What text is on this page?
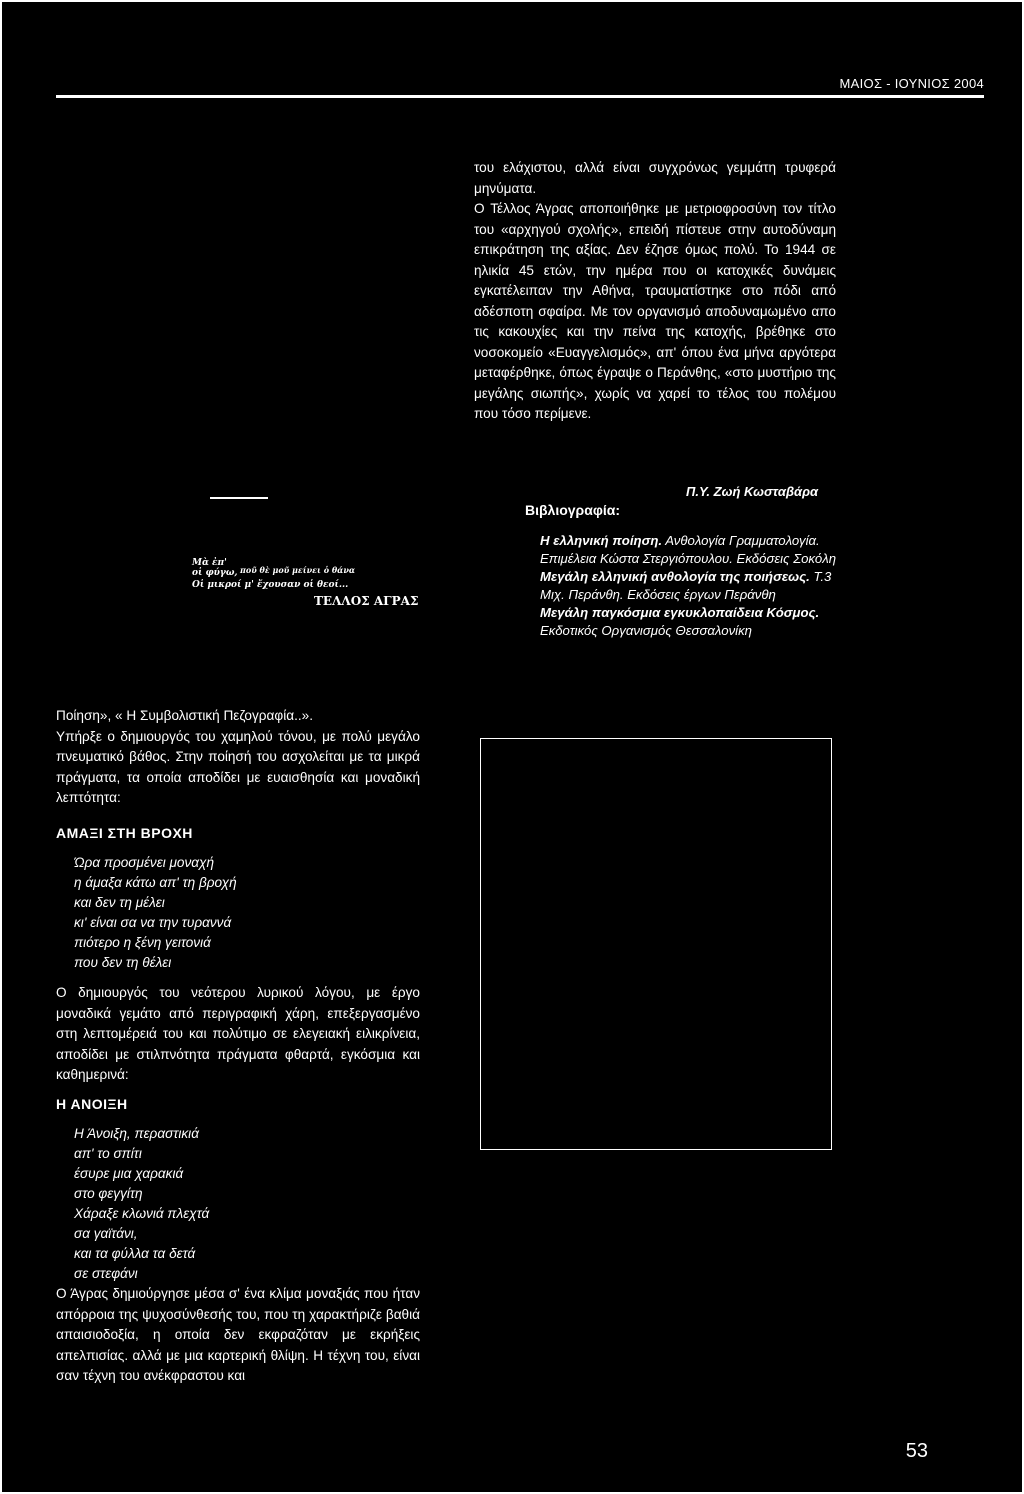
ΜΑΙΟΣ - ΙΟΥΝΙΟΣ 2004

του ελάχιστου, αλλά είναι συγχρόνως γεμμάτη τρυφερά μηνύματα.

Ο Τέλλος Άγρας αποποιήθηκε με μετριοφροσύνη τον τίτλο του «αρχηγού σχολής», επειδή πίστευε στην αυτοδύναμη επικράτηση της αξίας. Δεν έζησε όμως πολύ. Το 1944 σε ηλικία 45 ετών, την ημέρα που οι κατοχικές δυνάμεις εγκατέλειπαν την Αθήνα, τραυματίστηκε στο πόδι από αδέσποτη σφαίρα. Με τον οργανισμό αποδυναμωμένο απο τις κακουχίες και την πείνα της κατοχής, βρέθηκε στο νοσοκομείο «Ευαγγελισμός», απ' όπου ένα μήνα αργότερα μεταφέρθηκε, όπως έγραψε ο Περάνθης, «στο μυστήριο της μεγάλης σιωπής», χωρίς να χαρεί το τέλος του πολέμου που τόσο περίμενε.

Π.Υ. Ζωή Κωσταβάρα
Βιβλιογραφία:

Η ελληνική ποίηση. Ανθολογία Γραμματολογία. Επιμέλεια Κώστα Στεργιόπουλου. Εκδόσεις Σοκόλη

Μεγάλη ελληνική ανθολογία της ποιήσεως. Τ.3 Μιχ. Περάνθη. Εκδόσεις έργων Περάνθη

Μεγάλη παγκόσμια εγκυκλοπαίδεια Κόσμος. Εκδοτικός Οργανισμός Θεσσαλονίκη

Μὰ ἐπ'
οἱ φύγω, ποῦ θὲ μοῦ μείνει ὁ θάνα
Οἱ μικροί μ' ἔχουσαν οἱ θεοί...
ΤΕΛΛΟΣ ΑΓΡΑΣ

Ποίηση», « Η Συμβολιστική Πεζογραφία..».

Υπήρξε ο δημιουργός του χαμηλού τόνου, με πολύ μεγάλο πνευματικό βάθος. Στην ποίησή του ασχολείται με τα μικρά πράγματα, τα οποία αποδίδει με ευαισθησία και μοναδική λεπτότητα:

ΑΜΑΞΙ ΣΤΗ ΒΡΟΧΗ

Ώρα προσμένει μοναχή
η άμαξα κάτω απ' τη βροχή
και δεν τη μέλει
κι' είναι σα να την τυραννά
πιότερο η ξένη γειτονιά
που δεν τη θέλει

Ο δημιουργός του νεότερου λυρικού λόγου, με έργο μοναδικά γεμάτο από περιγραφική χάρη, επεξεργασμένο στη λεπτομέρειά του και πολύτιμο σε ελεγειακή ειλικρίνεια, αποδίδει με στιλπνότητα πράγματα φθαρτά, εγκόσμια και καθημερινά:

Η ΑΝΟΙΞΗ

Η Άνοιξη, περαστικιά
απ' το σπίτι
έσυρε μια χαρακιά
στο φεγγίτη
Χάραξε κλωνιά πλεχτά
σα γαϊτάνι,
και τα φύλλα τα δετά
σε στεφάνι

Ο Άγρας δημιούργησε μέσα σ' ένα κλίμα μοναξιάς που ήταν απόρροια της ψυχοσύνθεσής του, που τη χαρακτήριζε βαθιά απαισιοδοξία, η οποία δεν εκφραζόταν με εκρήξεις απελπισίας. αλλά με μια καρτερική θλίψη. Η τέχνη του, είναι σαν τέχνη του ανέκφραστου και

53
